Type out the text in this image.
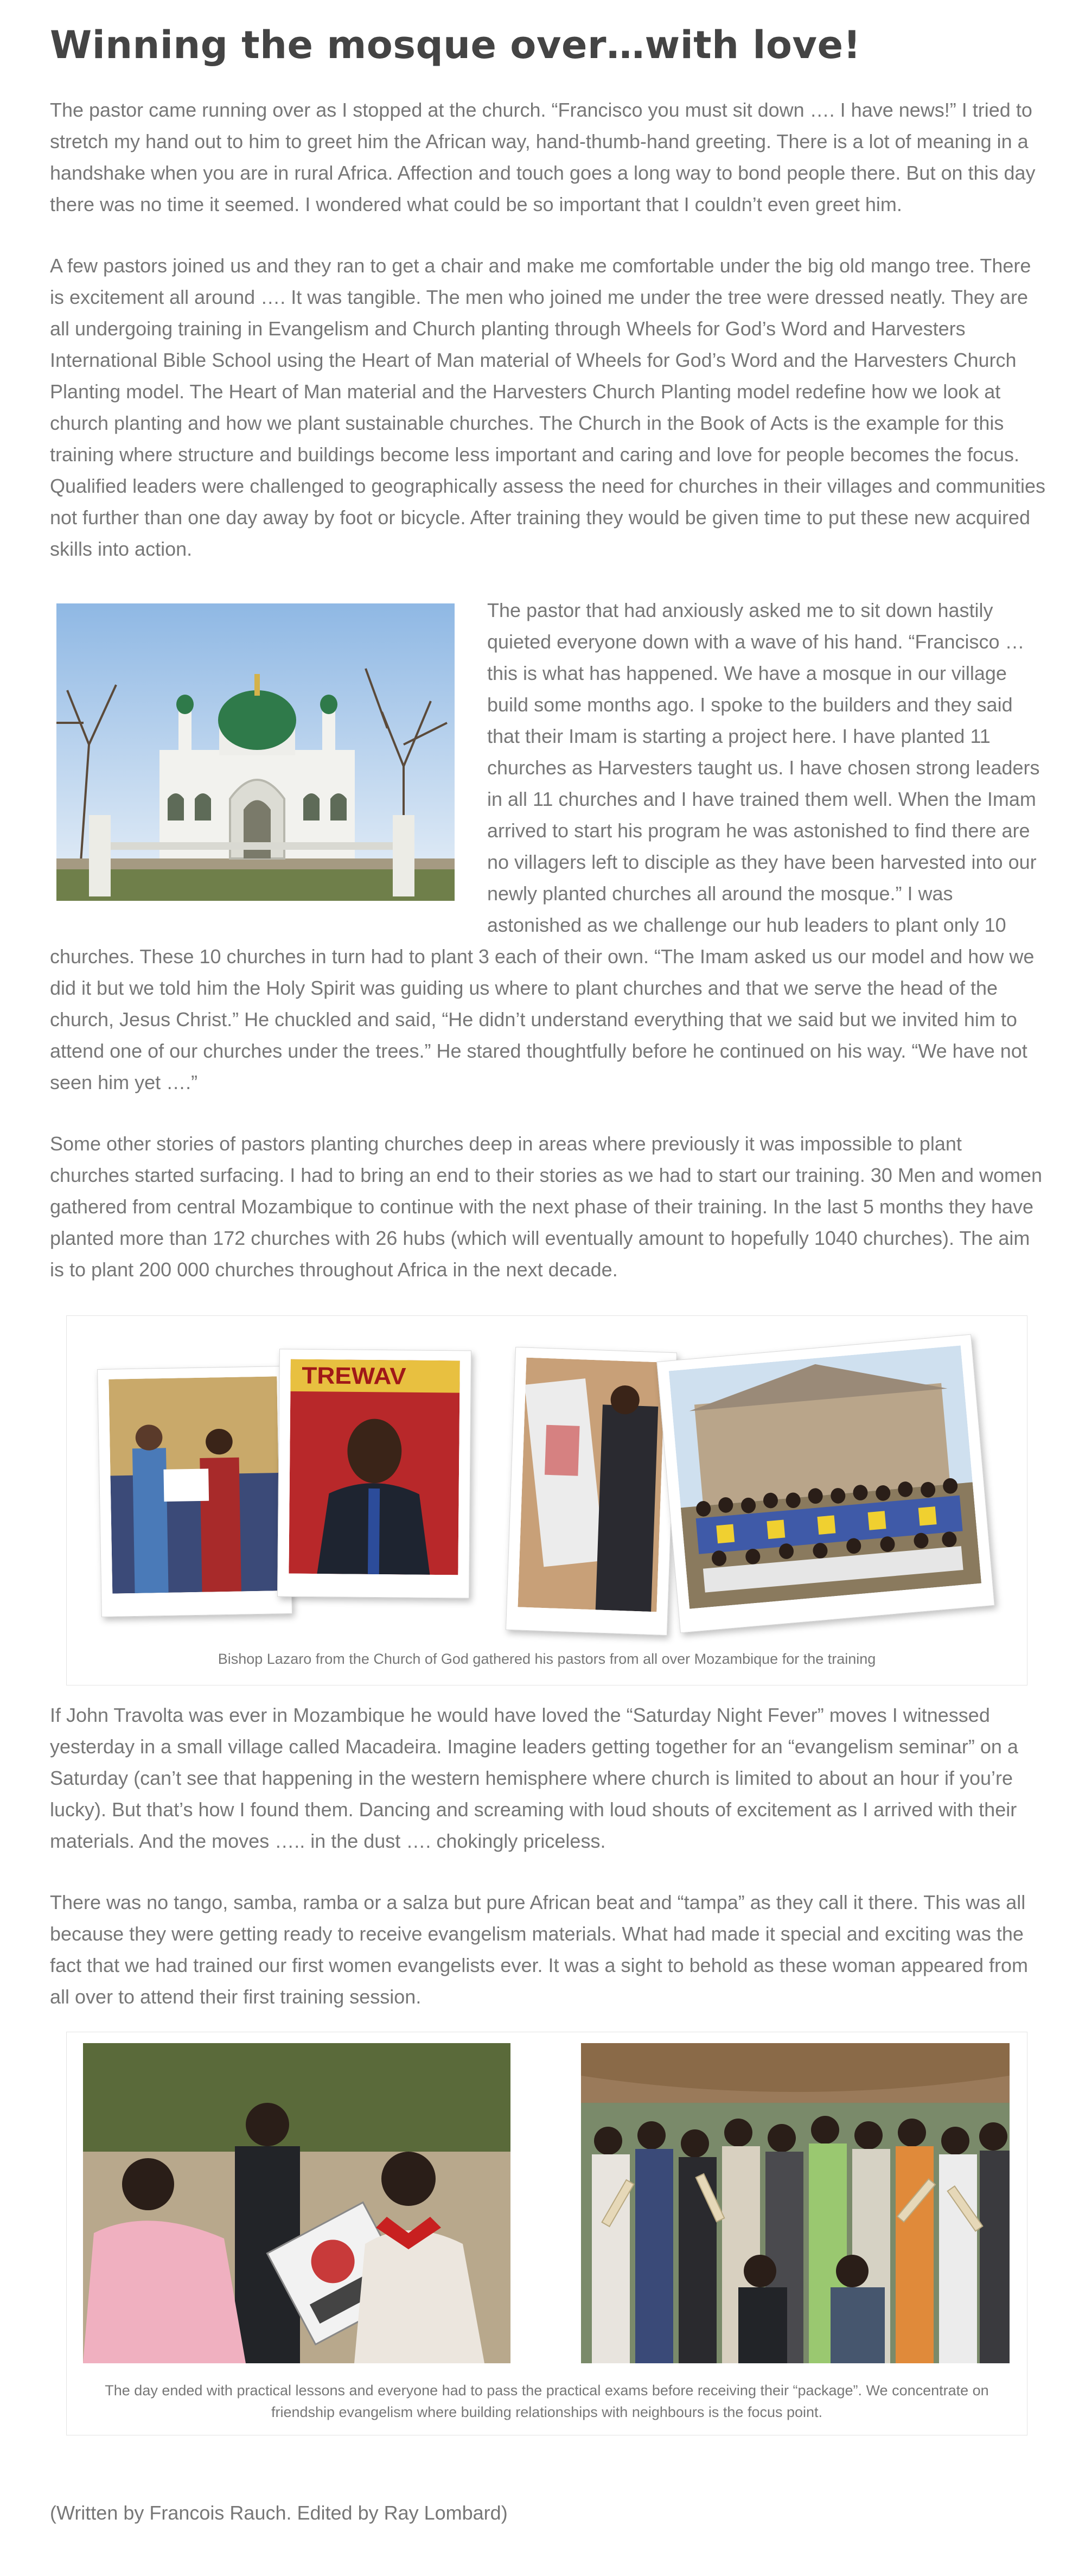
Winning the mosque over…with love!

The pastor came running over as I stopped at the church. “Francisco you must sit down …. I have news!” I tried to stretch my hand out to him to greet him the African way, hand-thumb-hand greeting. There is a lot of meaning in a handshake when you are in rural Africa. Affection and touch goes a long way to bond people there. But on this day there was no time it seemed. I wondered what could be so important that I couldn’t even greet him.

A few pastors joined us and they ran to get a chair and make me comfortable under the big old mango tree. There is excitement all around …. It was tangible. The men who joined me under the tree were dressed neatly. They are all undergoing training in Evangelism and Church planting through Wheels for God’s Word and Harvesters International Bible School using the Heart of Man material of Wheels for God’s Word and the Harvesters Church Planting model. The Heart of Man material and the Harvesters Church Planting model redefine how we look at church planting and how we plant sustainable churches. The Church in the Book of Acts is the example for this training where structure and buildings become less important and caring and love for people becomes the focus. Qualified leaders were challenged to geographically assess the need for churches in their villages and communities not further than one day away by foot or bicycle. After training they would be given time to put these new acquired skills into action.

The pastor that had anxiously asked me to sit down hastily quieted everyone down with a wave of his hand. “Francisco … this is what has happened. We have a mosque in our village build some months ago. I spoke to the builders and they said that their Imam is starting a project here. I have planted 11 churches as Harvesters taught us. I have chosen strong leaders in all 11 churches and I have trained them well. When the Imam arrived to start his program he was astonished to find there are no villagers left to disciple as they have been harvested into our newly planted churches all around the mosque.” I was astonished as we challenge our hub leaders to plant only 10 churches. These 10 churches in turn had to plant 3 each of their own. “The Imam asked us our model and how we did it but we told him the Holy Spirit was guiding us where to plant churches and that we serve the head of the church, Jesus Christ.” He chuckled and said, “He didn’t understand everything that we said but we invited him to attend one of our churches under the trees.” He stared thoughtfully before he continued on his way. “We have not seen him yet ….”

Some other stories of pastors planting churches deep in areas where previously it was impossible to plant churches started surfacing. I had to bring an end to their stories as we had to start our training. 30 Men and women gathered from central Mozambique to continue with the next phase of their training. In the last 5 months they have planted more than 172 churches with 26 hubs (which will eventually amount to hopefully 1040 churches). The aim is to plant 200 000 churches throughout Africa in the next decade.

TREWAV
Bishop Lazaro from the Church of God gathered his pastors from all over Mozambique for the training

If John Travolta was ever in Mozambique he would have loved the “Saturday Night Fever” moves I witnessed yesterday in a small village called Macadeira. Imagine leaders getting together for an “evangelism seminar” on a Saturday (can’t see that happening in the western hemisphere where church is limited to about an hour if you’re lucky). But that’s how I found them. Dancing and screaming with loud shouts of excitement as I arrived with their materials. And the moves ….. in the dust …. chokingly priceless.

There was no tango, samba, ramba or a salza but pure African beat and “tampa” as they call it there. This was all because they were getting ready to receive evangelism materials. What had made it special and exciting was the fact that we had trained our first women evangelists ever. It was a sight to behold as these woman appeared from all over to attend their first training session.

The day ended with practical lessons and everyone had to pass the practical exams before receiving their “package”. We concentrate on friendship evangelism where building relationships with neighbours is the focus point.
(Written by Francois Rauch. Edited by Ray Lombard)
